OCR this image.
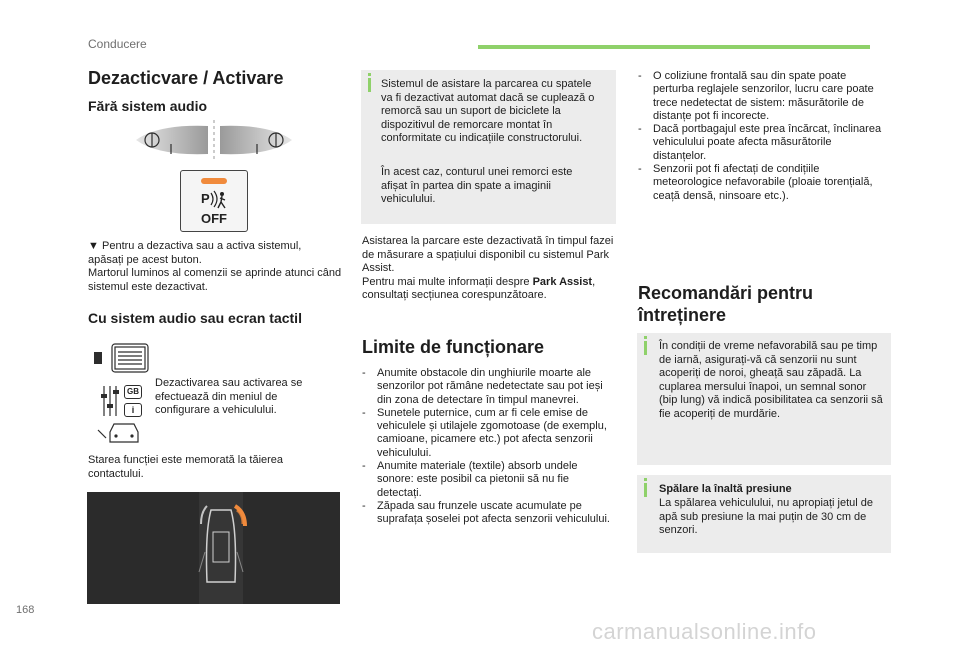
Conducere
Dezacticvare / Activare
Fără sistem audio
P
OFF
▼︎ Pentru a dezactiva sau a activa sistemul, apăsați pe acest buton.
Martorul luminos al comenzii se aprinde atunci când sistemul este dezactivat.
Cu sistem audio sau ecran tactil
GB
i
Dezactivarea sau activarea se efectuează din meniul de configurare a vehiculului.
Starea funcției este memorată la tăierea contactului.

Sistemul de asistare la parcarea cu spatele va fi dezactivat automat dacă se cuplează o remorcă sau un suport de biciclete la dispozitivul de remorcare montat în conformitate cu indicațiile constructorului.

În acest caz, conturul unei remorci este afișat în partea din spate a imaginii vehiculului.

Asistarea la parcare este dezactivată în timpul fazei de măsurare a spațiului disponibil cu sistemul Park Assist.
Pentru mai multe informații despre Park Assist, consultați secțiunea corespunzătoare.
Limite de funcționare
- Anumite obstacole din unghiurile moarte ale senzorilor pot rămâne nedetectate sau pot ieși din zona de detectare în timpul manevrei.
- Sunetele puternice, cum ar fi cele emise de vehiculele și utilajele zgomotoase (de exemplu, camioane, picamere etc.) pot afecta senzorii vehiculului.
- Anumite materiale (textile) absorb undele sonore: este posibil ca pietonii să nu fie detectați.
- Zăpada sau frunzele uscate acumulate pe suprafața șoselei pot afecta senzorii vehiculului.
- O coliziune frontală sau din spate poate perturba reglajele senzorilor, lucru care poate trece nedetectat de sistem: măsurătorile de distanțe pot fi incorecte.
- Dacă portbagajul este prea încărcat, înclinarea vehiculului poate afecta măsurătorile distanțelor.
- Senzorii pot fi afectați de condițiile meteorologice nefavorabile (ploaie torențială, ceață densă, ninsoare etc.).
Recomandări pentru întreținere

În condiții de vreme nefavorabilă sau pe timp de iarnă, asigurați-vă că senzorii nu sunt acoperiți de noroi, gheață sau zăpadă. La cuplarea mersului înapoi, un semnal sonor (bip lung) vă indică posibilitatea ca senzorii să fie acoperiți de murdărie.

Spălare la înaltă presiune

La spălarea vehiculului, nu apropiați jetul de apă sub presiune la mai puțin de 30 cm de senzori.

168
carmanualsonline.info
